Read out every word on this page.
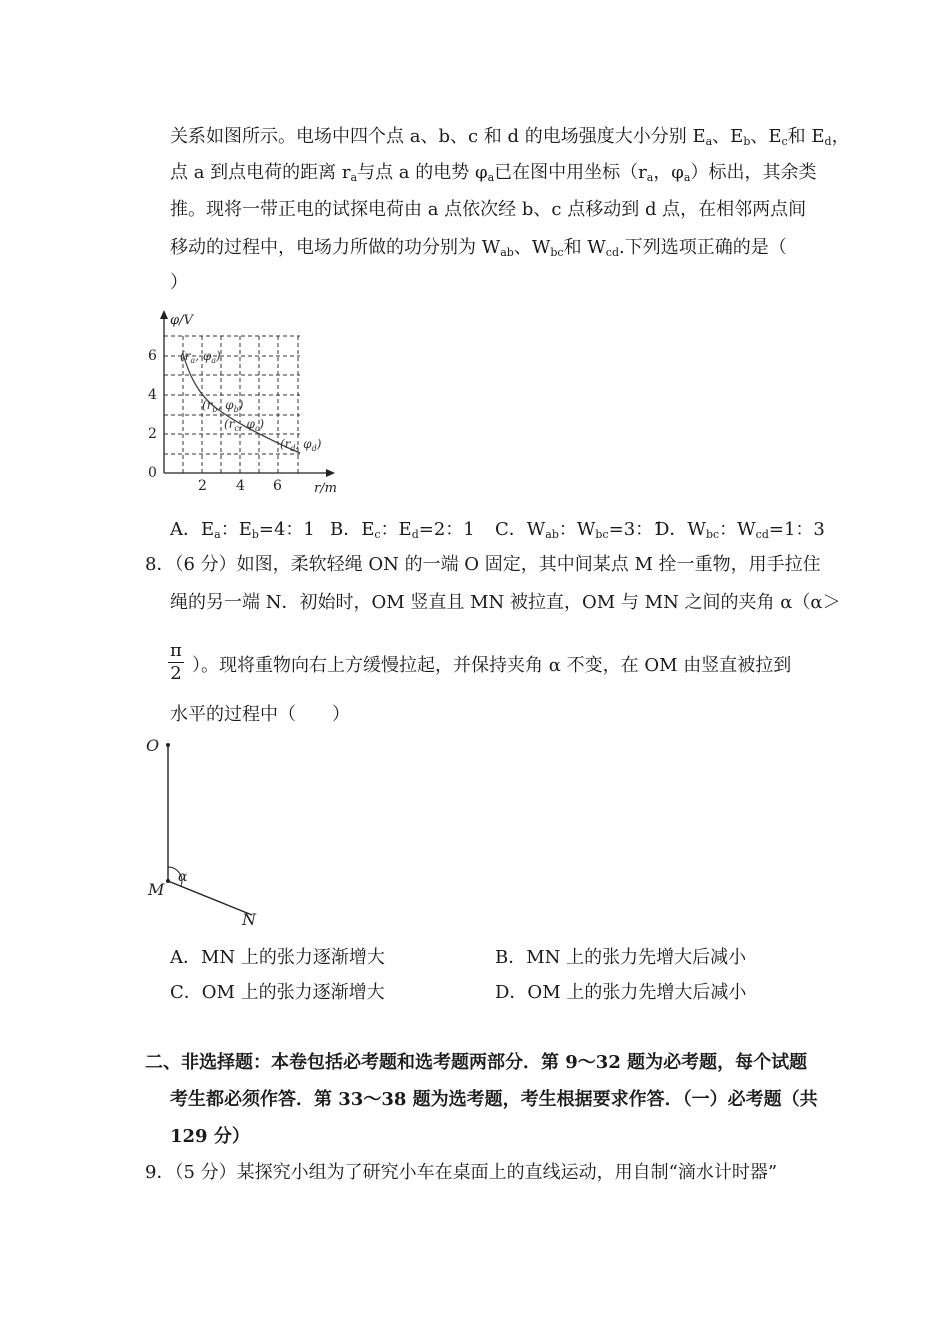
关系如图所示。电场中四个点 a、b、c 和 d 的电场强度大小分别 $E_a$、$E_b$、$E_c$和 $E_d$，
点 a 到点电荷的距离 $r_a$与点 a 的电势 $\varphi_a$已在图中用坐标（$r_a$，$\varphi_a$）标出，其余类
推。现将一带正电的试探电荷由 a 点依次经 b、c 点移动到 d 点，在相邻两点间
移动的过程中，电场力所做的功分别为 $W_{ab}$、$W_{bc}$和 $W_{cd}$.下列选项正确的是（
）
φ/V
r/m
6
4
2
0
2 4 6
($r_a$, $\varphi_a$)
($r_b$, $\varphi_b$)
($r_c$, $\varphi_c$)
($r_d$, $\varphi_d$)
A．$E_a$：$E_b=4$：1 B．$E_c$：$E_d=2$：1 C．$W_{ab}$：$W_{bc}=3$：1
D．$W_{bc}$：$W_{cd}=1$：3
8．（6 分）如图，柔软轻绳 ON 的一端 O 固定，其中间某点 M 拴一重物，用手拉住
绳的另一端 N．初始时，OM 竖直且 MN 被拉直，OM 与 MN 之间的夹角 α（α＞
$\frac{\pi}{2}$ ）。现将重物向右上方缓慢拉起，并保持夹角 α 不变，在 OM 由竖直被拉到
水平的过程中（　　）
O
M
N
α
A．MN 上的张力逐渐增大	B．MN 上的张力先增大后减小
C．OM 上的张力逐渐增大	D．OM 上的张力先增大后减小
二、非选择题：本卷包括必考题和选考题两部分．第 9～32 题为必考题，每个试题
考生都必须作答．第 33～38 题为选考题，考生根据要求作答．（一）必考题（共
129 分）
9．（5 分）某探究小组为了研究小车在桌面上的直线运动，用自制“滴水计时器”
